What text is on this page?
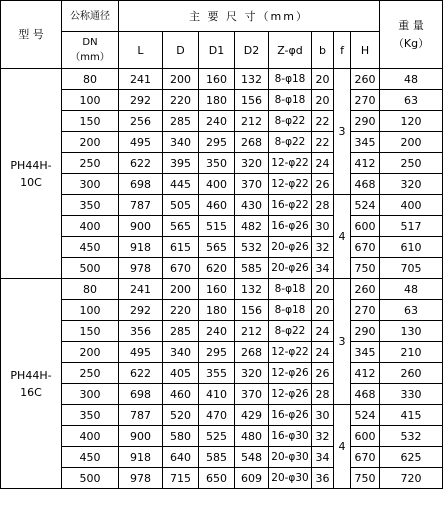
型 号	公称通径	主 要 尺 寸（mm）								重 量
（Kg）

	DN
（mm）	L	D	D1	D2	Z-φd	b	f	H	

PH44H-
10C	80	241	200	160	132	8-φ18	20	3	260	48
	100	292	220	180	156	8-φ18	20		270	63
	150	256	285	240	212	8-φ22	22		290	120
	200	495	340	295	268	8-φ22	22		345	200
	250	622	395	350	320	12-φ22	24		412	250
	300	698	445	400	370	12-φ22	26		468	320
	350	787	505	460	430	16-φ22	28	4	524	400
	400	900	565	515	482	16-φ26	30		600	517
	450	918	615	565	532	20-φ26	32		670	610
	500	978	670	620	585	20-φ26	34		750	705

PH44H-
16C	80	241	200	160	132	8-φ18	20	3	260	48
	100	292	220	180	156	8-φ18	20		270	63
	150	356	285	240	212	8-φ22	24		290	130
	200	495	340	295	268	12-φ22	24		345	210
	250	622	405	355	320	12-φ26	26		412	260
	300	698	460	410	370	12-φ26	28		468	330
	350	787	520	470	429	16-φ26	30	4	524	415
	400	900	580	525	480	16-φ30	32		600	532
	450	918	640	585	548	20-φ30	34		670	625
	500	978	715	650	609	20-φ30	36		750	720
